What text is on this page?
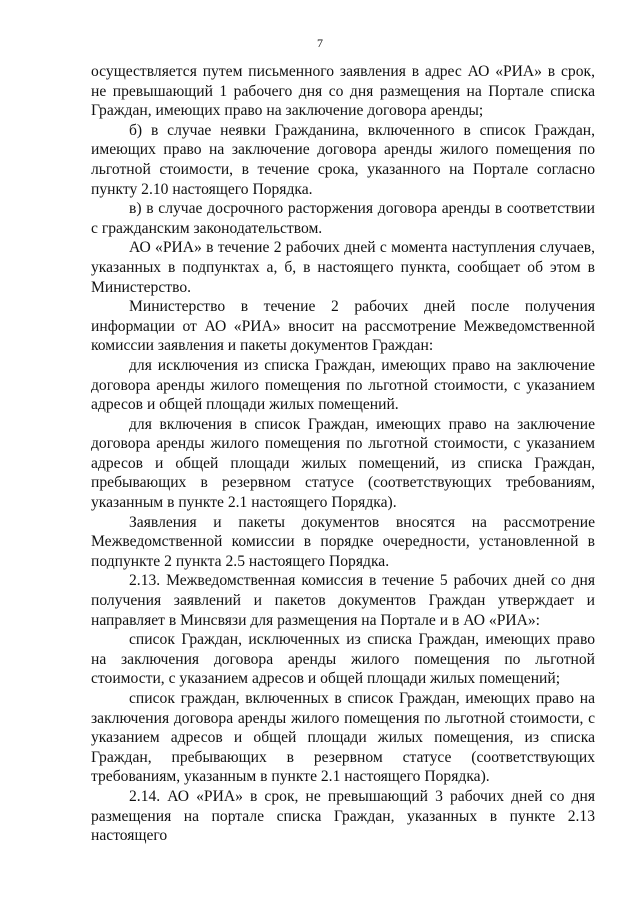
7

осуществляется путем письменного заявления в адрес АО «РИА» в срок, не превышающий 1 рабочего дня со дня размещения на Портале списка Граждан, имеющих право на заключение договора аренды;

б) в случае неявки Гражданина, включенного в список Граждан, имеющих право на заключение договора аренды жилого помещения по льготной стоимости, в течение срока, указанного на Портале согласно пункту 2.10 настоящего Порядка.

в) в случае досрочного расторжения договора аренды в соответствии с гражданским законодательством.

АО «РИА» в течение 2 рабочих дней с момента наступления случаев, указанных в подпунктах а, б, в настоящего пункта, сообщает об этом в Министерство.

Министерство в течение 2 рабочих дней после получения информации от АО «РИА» вносит на рассмотрение Межведомственной комиссии заявления и пакеты документов Граждан:

для исключения из списка Граждан, имеющих право на заключение договора аренды жилого помещения по льготной стоимости, с указанием адресов и общей площади жилых помещений.

для включения в список Граждан, имеющих право на заключение договора аренды жилого помещения по льготной стоимости, с указанием адресов и общей площади жилых помещений, из списка Граждан, пребывающих в резервном статусе (соответствующих требованиям, указанным в пункте 2.1 настоящего Порядка).

Заявления и пакеты документов вносятся на рассмотрение Межведомственной комиссии в порядке очередности, установленной в подпункте 2 пункта 2.5 настоящего Порядка.

2.13. Межведомственная комиссия в течение 5 рабочих дней со дня получения заявлений и пакетов документов Граждан утверждает и направляет в Минсвязи для размещения на Портале и в АО «РИА»:

список Граждан, исключенных из списка Граждан, имеющих право на заключения договора аренды жилого помещения по льготной стоимости, с указанием адресов и общей площади жилых помещений;

список граждан, включенных в список Граждан, имеющих право на заключения договора аренды жилого помещения по льготной стоимости, с указанием адресов и общей площади жилых помещения, из списка Граждан, пребывающих в резервном статусе (соответствующих требованиям, указанным в пункте 2.1 настоящего Порядка).

2.14. АО «РИА» в срок, не превышающий 3 рабочих дней со дня размещения на портале списка Граждан, указанных в пункте 2.13 настоящего
